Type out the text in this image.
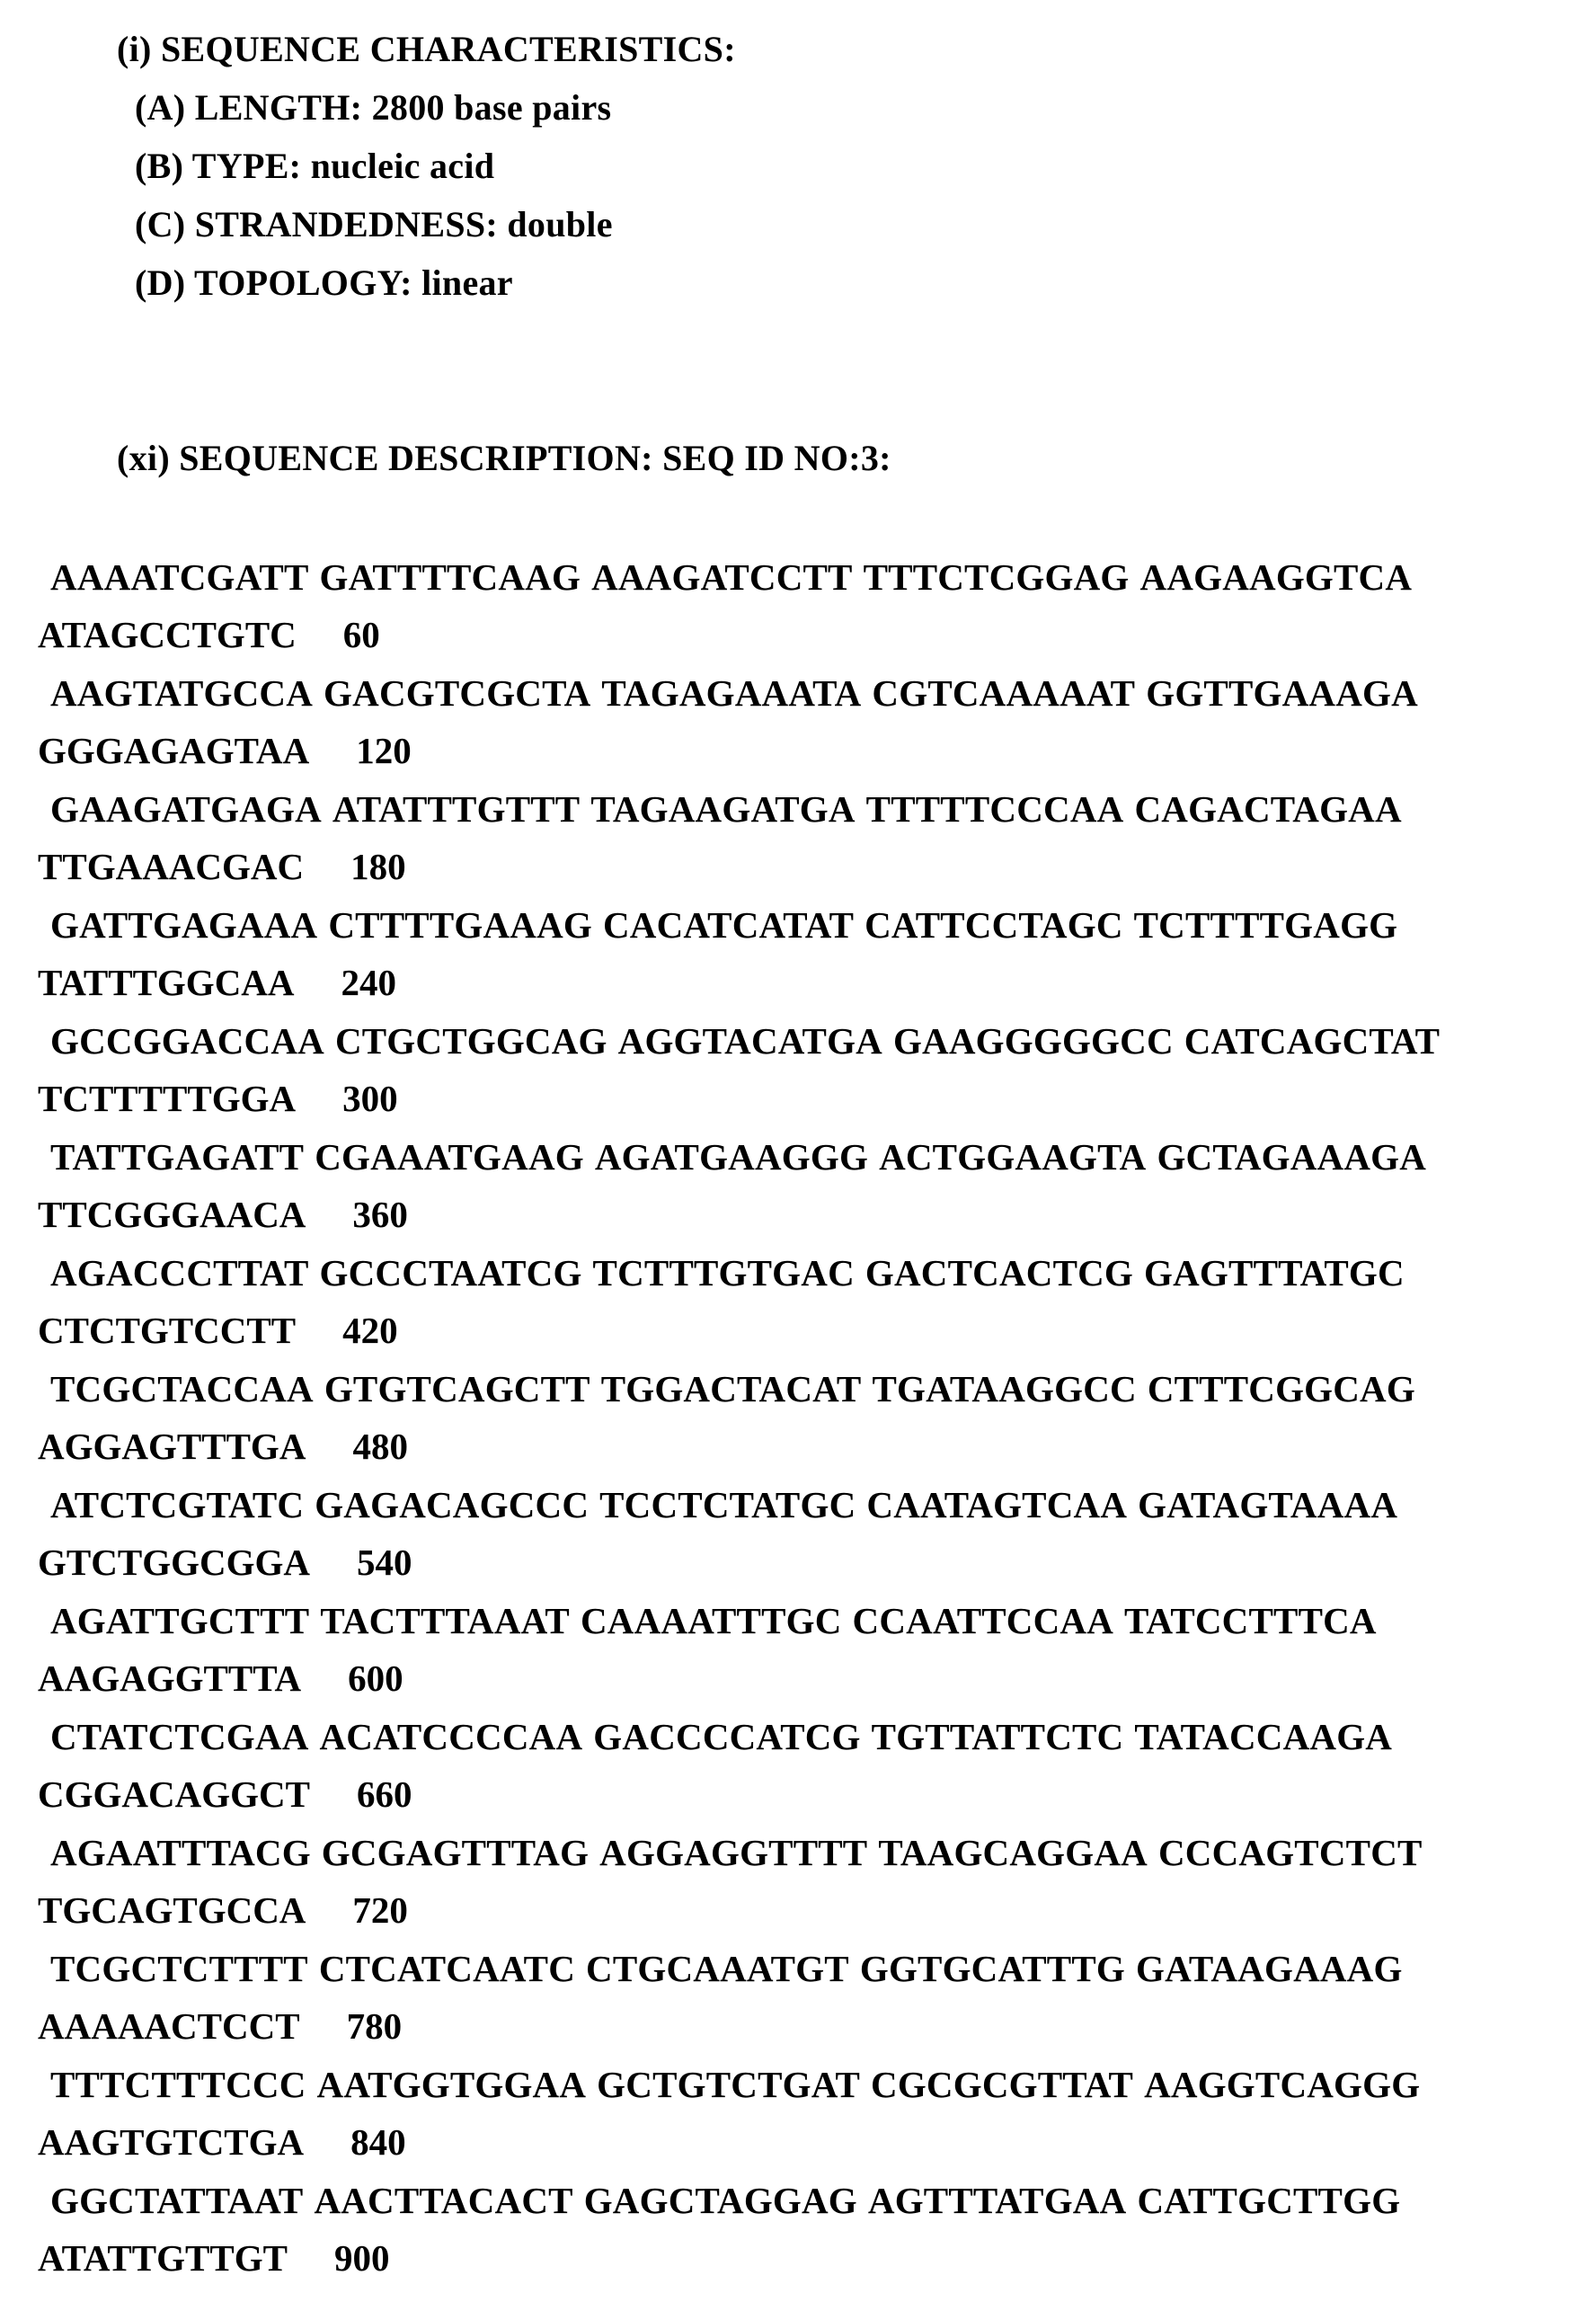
(i) SEQUENCE CHARACTERISTICS:
(A) LENGTH: 2800 base pairs
(B) TYPE: nucleic acid
(C) STRANDEDNESS: double
(D) TOPOLOGY: linear
(xi) SEQUENCE DESCRIPTION: SEQ ID NO:3:
AAAATCGATT GATTTTCAAG AAAGATCCTT TTTCTCGGAG AAGAAGGTCA
ATAGCCTGTC 60
AAGTATGCCA GACGTCGCTA TAGAGAAATA CGTCAAAAAT GGTTGAAAGA
GGGAGAGTAA 120
GAAGATGAGA ATATTTGTTT TAGAAGATGA TTTTTCCCAA CAGACTAGAA
TTGAAACGAC 180
GATTGAGAAA CTTTTGAAAG CACATCATAT CATTCCTAGC TCTTTTGAGG
TATTTGGCAA 240
GCCGGACCAA CTGCTGGCAG AGGTACATGA GAAGGGGGCC CATCAGCTAT
TCTTTTTGGA 300
TATTGAGATT CGAAATGAAG AGATGAAGGG ACTGGAAGTA GCTAGAAAGA
TTCGGGAACA 360
AGACCCTTAT GCCCTAATCG TCTTTGTGAC GACTCACTCG GAGTTTATGC
CTCTGTCCTT 420
TCGCTACCAA GTGTCAGCTT TGGACTACAT TGATAAGGCC CTTTCGGCAG
AGGAGTTTGA 480
ATCTCGTATC GAGACAGCCC TCCTCTATGC CAATAGTCAA GATAGTAAAA
GTCTGGCGGA 540
AGATTGCTTT TACTTTAAAT CAAAATTTGC CCAATTCCAA TATCCTTTCA
AAGAGGTTTA 600
CTATCTCGAA ACATCCCCAA GACCCCATCG TGTTATTCTC TATACCAAGA
CGGACAGGCT 660
AGAATTTACG GCGAGTTTAG AGGAGGTTTT TAAGCAGGAA CCCAGTCTCT
TGCAGTGCCA 720
TCGCTCTTTT CTCATCAATC CTGCAAATGT GGTGCATTTG GATAAGAAAG
AAAAACTCCT 780
TTTCTTTCCC AATGGTGGAA GCTGTCTGAT CGCGCGTTAT AAGGTCAGGG
AAGTGTCTGA 840
GGCTATTAAT AACTTACACT GAGCTAGGAG AGTTTATGAA CATTGCTTGG
ATATTGTTGT 900
